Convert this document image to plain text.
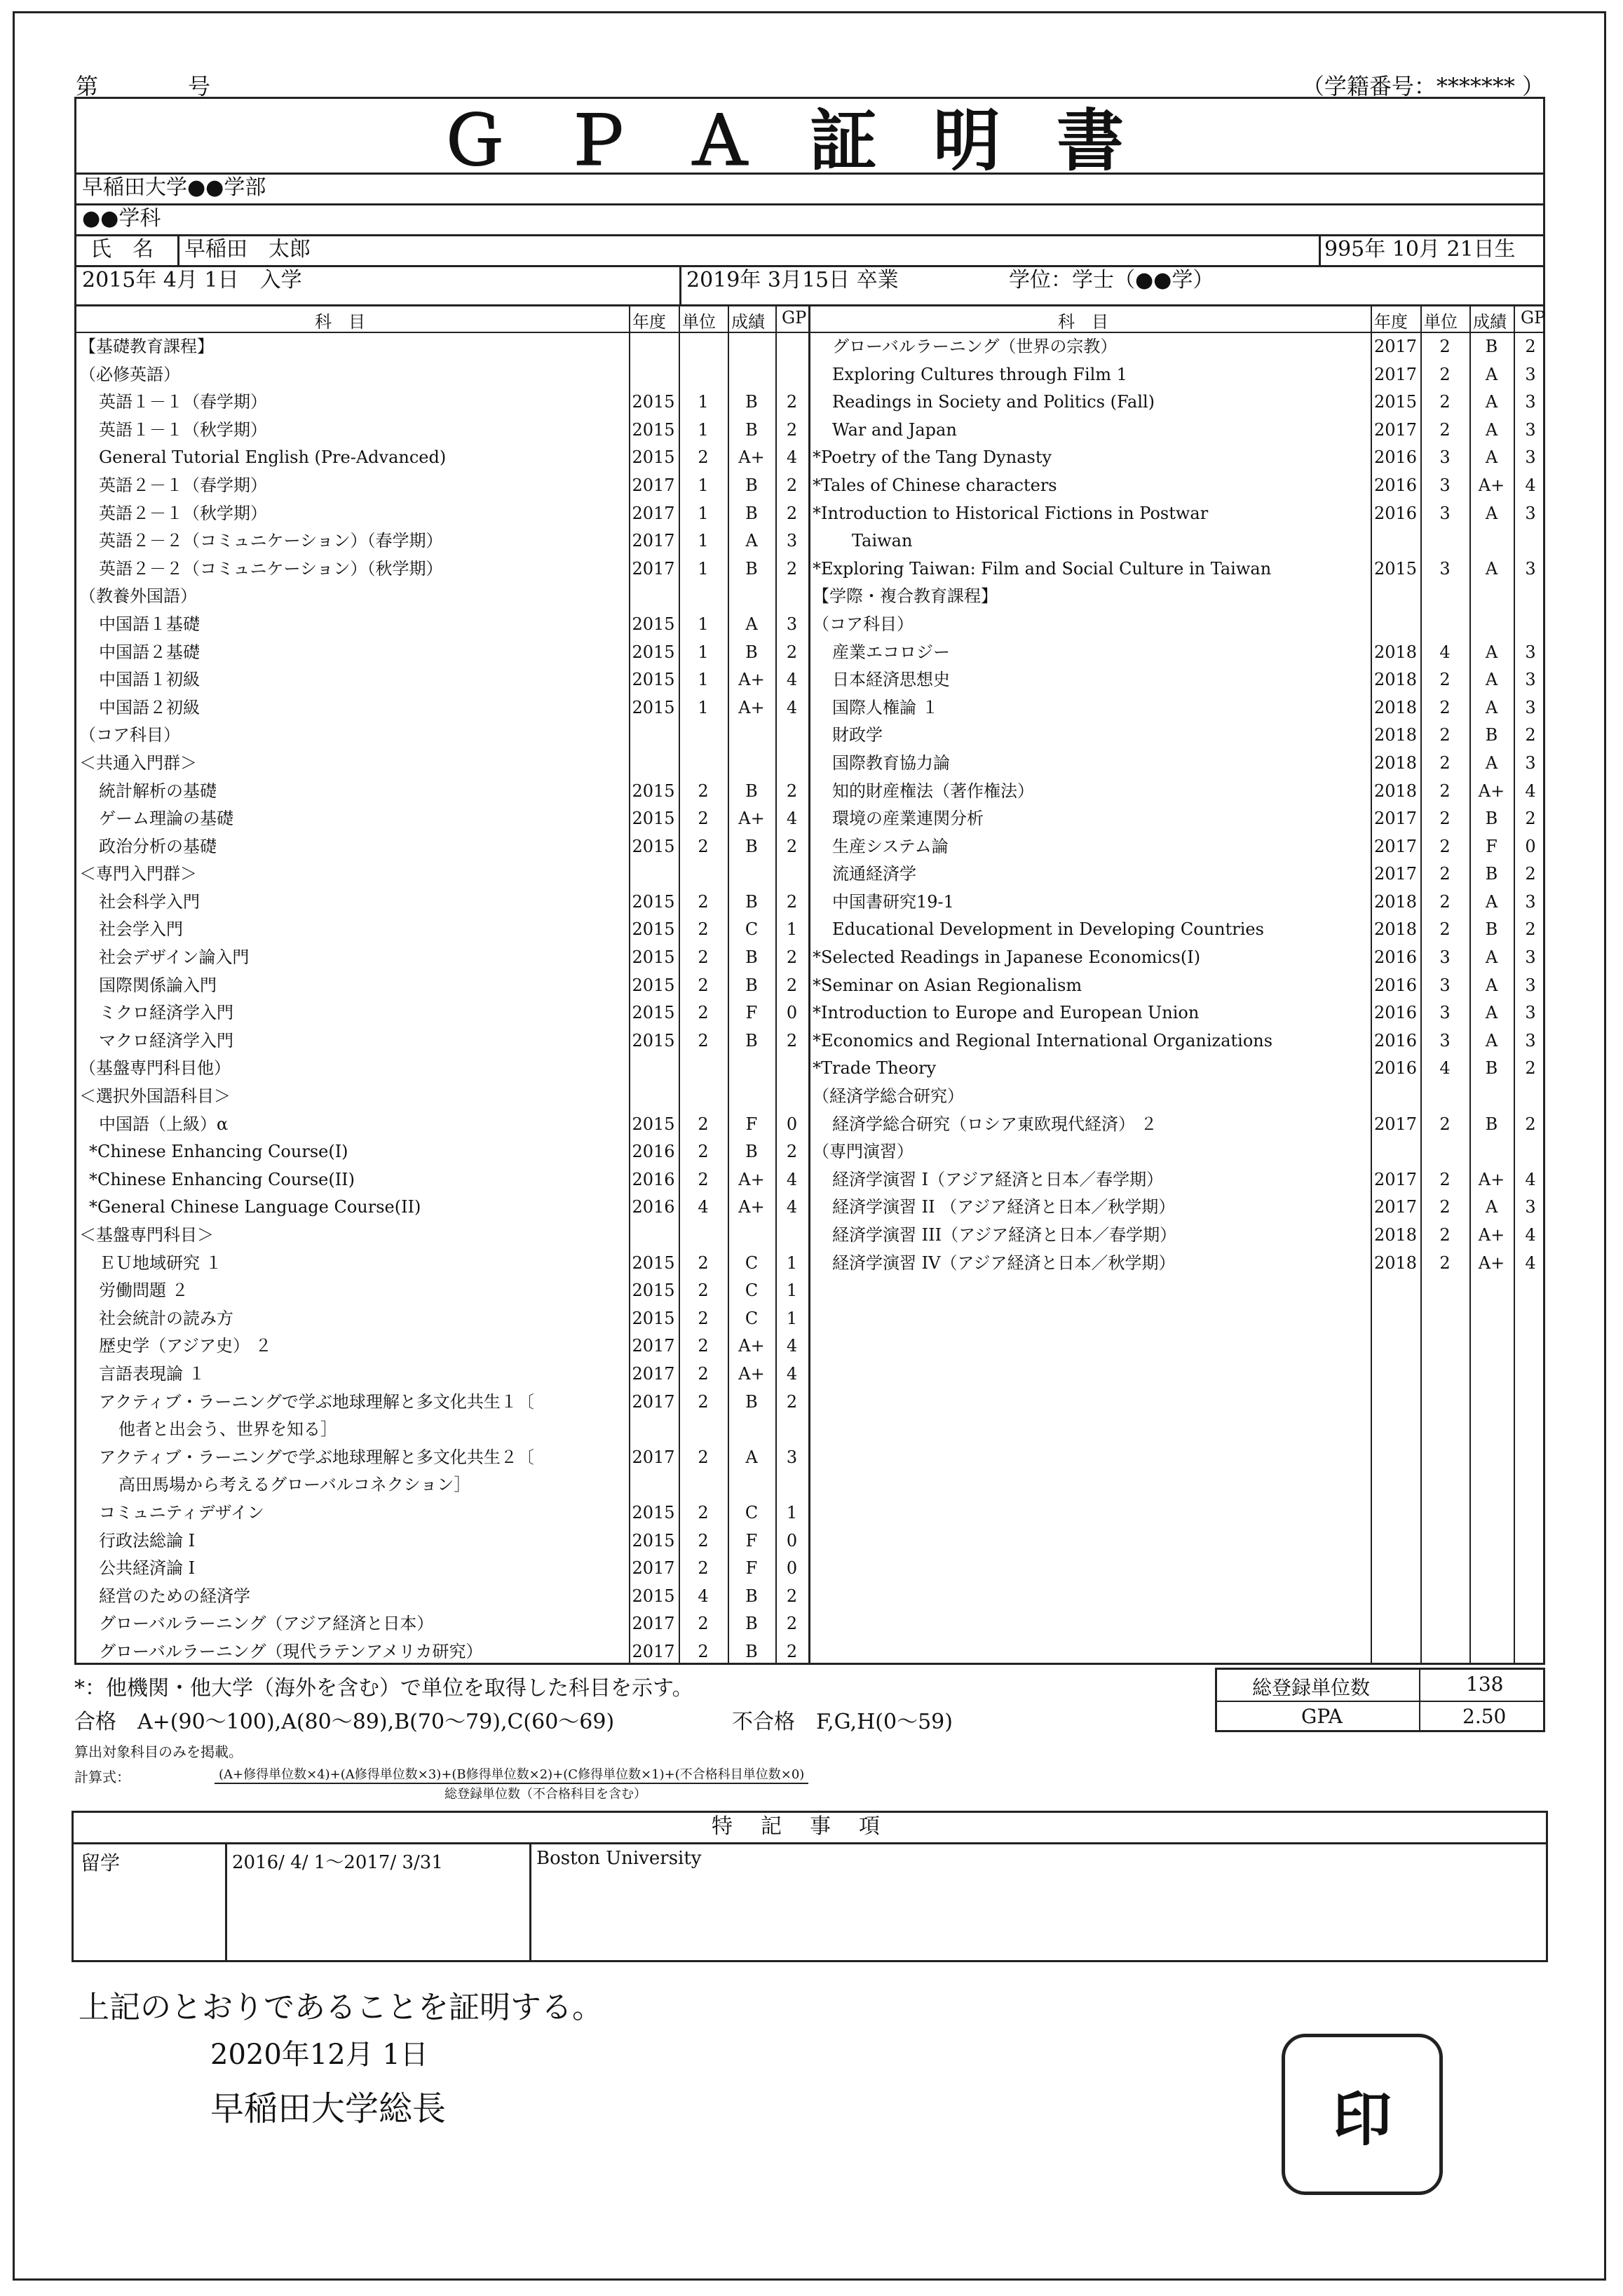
第　　　　号	（学籍番号：******* ）
ＧＰＡ証明書
早稲田大学●●学部
●●学科
氏　名 早稲田　太郎	995年 10月 21日生
2015年 4月 1日　入学	2019年 3月15日 卒業	学位：学士（●●学）
科　目	年度 単位 成績 GP	科　目	年度 単位 成績 GP
【基礎教育課程】
（必修英語）
英語１－１（春学期）	2015	1	B	2
英語１－１（秋学期）	2015	1	B	2
General Tutorial English (Pre-Advanced)	2015	2	A+	4
英語２－１（春学期）	2017	1	B	2
英語２－１（秋学期）	2017	1	B	2
英語２－２（コミュニケーション）（春学期）	2017	1	A	3
英語２－２（コミュニケーション）（秋学期）	2017	1	B	2
（教養外国語）
中国語１基礎	2015	1	A	3
中国語２基礎	2015	1	B	2
中国語１初級	2015	1	A+	4
中国語２初級	2015	1	A+	4
（コア科目）
＜共通入門群＞
統計解析の基礎	2015	2	B	2
ゲーム理論の基礎	2015	2	A+	4
政治分析の基礎	2015	2	B	2
＜専門入門群＞
社会科学入門	2015	2	B	2
社会学入門	2015	2	C	1
社会デザイン論入門	2015	2	B	2
国際関係論入門	2015	2	B	2
ミクロ経済学入門	2015	2	F	0
マクロ経済学入門	2015	2	B	2
（基盤専門科目他）
＜選択外国語科目＞
中国語（上級）α	2015	2	F	0
*Chinese Enhancing Course(I)	2016	2	B	2
*Chinese Enhancing Course(II)	2016	2	A+	4
*General Chinese Language Course(II)	2016	4	A+	4
＜基盤専門科目＞
ＥＵ地域研究 １	2015	2	C	1
労働問題 ２	2015	2	C	1
社会統計の読み方	2015	2	C	1
歴史学（アジア史） ２	2017	2	A+	4
言語表現論 １	2017	2	A+	4
アクティブ・ラーニングで学ぶ地球理解と多文化共生１〔	2017	2	B	2
他者と出会う、世界を知る］
アクティブ・ラーニングで学ぶ地球理解と多文化共生２〔	2017	2	A	3
高田馬場から考えるグローバルコネクション］
コミュニティデザイン	2015	2	C	1
行政法総論 I	2015	2	F	0
公共経済論 I	2017	2	F	0
経営のための経済学	2015	4	B	2
グローバルラーニング（アジア経済と日本）	2017	2	B	2
グローバルラーニング（現代ラテンアメリカ研究）	2017	2	B	2
グローバルラーニング（世界の宗教）	2017	2	B	2
Exploring Cultures through Film 1	2017	2	A	3
Readings in Society and Politics (Fall)	2015	2	A	3
War and Japan	2017	2	A	3
*Poetry of the Tang Dynasty	2016	3	A	3
*Tales of Chinese characters	2016	3	A+	4
*Introduction to Historical Fictions in Postwar	2016	3	A	3
Taiwan
*Exploring Taiwan: Film and Social Culture in Taiwan	2015	3	A	3
【学際・複合教育課程】
（コア科目）
産業エコロジー	2018	4	A	3
日本経済思想史	2018	2	A	3
国際人権論 １	2018	2	A	3
財政学	2018	2	B	2
国際教育協力論	2018	2	A	3
知的財産権法（著作権法）	2018	2	A+	4
環境の産業連関分析	2017	2	B	2
生産システム論	2017	2	F	0
流通経済学	2017	2	B	2
中国書研究19-1	2018	2	A	3
Educational Development in Developing Countries	2018	2	B	2
*Selected Readings in Japanese Economics(I)	2016	3	A	3
*Seminar on Asian Regionalism	2016	3	A	3
*Introduction to Europe and European Union	2016	3	A	3
*Economics and Regional International Organizations	2016	3	A	3
*Trade Theory	2016	4	B	2
（経済学総合研究）
経済学総合研究（ロシア東欧現代経済） ２	2017	2	B	2
（専門演習）
経済学演習 I（アジア経済と日本／春学期）	2017	2	A+	4
経済学演習 II （アジア経済と日本／秋学期）	2017	2	A	3
経済学演習 III（アジア経済と日本／春学期）	2018	2	A+	4
経済学演習 IV（アジア経済と日本／秋学期）	2018	2	A+	4
*：他機関・他大学（海外を含む）で単位を取得した科目を示す。
合格　A+(90～100),A(80～89),B(70～79),C(60～69)	不合格　F,G,H(0～59)
算出対象科目のみを掲載。
計算式：	(A+修得単位数×4)+(A修得単位数×3)+(B修得単位数×2)+(C修得単位数×1)+(不合格科目単位数×0)
総登録単位数（不合格科目を含む）
総登録単位数	138
GPA	2.50
特記事項
留学	2016/ 4/ 1～2017/ 3/31	Boston University
上記のとおりであることを証明する。
2020年12月 1日
早稲田大学総長	印
